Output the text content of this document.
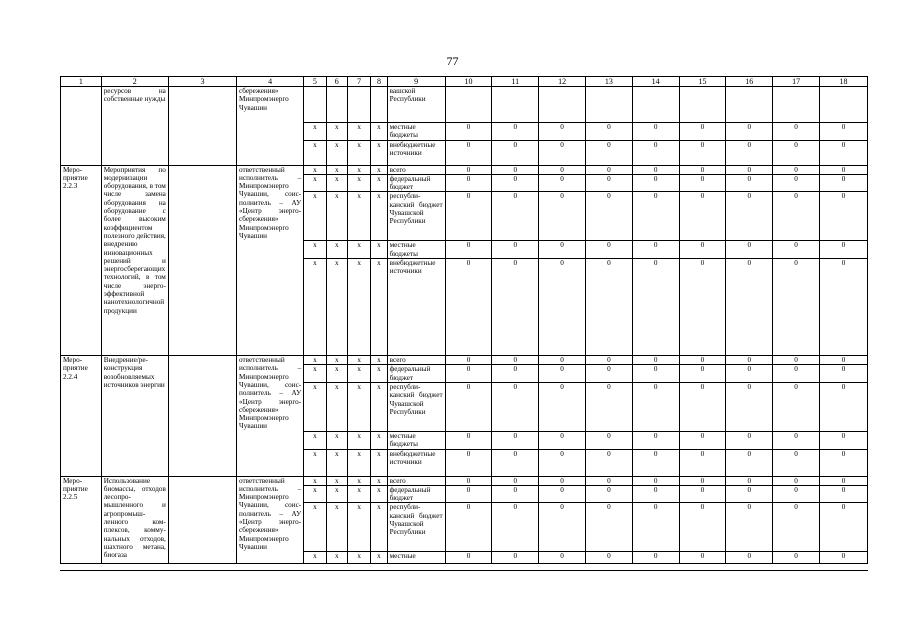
77
1	2	3	4	5	6	7	8	9	10	11	12	13	14	15	16	17	18
	ресурсов на собственные нужды		сбережения» Минпромэнерго Чувашии					вашской Республики									
				х	х	х	х	местные бюджеты	0	0	0	0	0	0	0	0	0
				х	х	х	х	внебюджетные источники	0	0	0	0	0	0	0	0	0
Мероприятие 2.2.3	Мероприятия по модернизации оборудования, в том числе замена оборудования на оборудование с более высоким коэффициентом полезного действия, внедрению инновационных решений и энергосберегающих технологий, в том числе энергоэффективной нанотехнологичной продукции		ответственный исполнитель – Минпромэнерго Чувашии, соисполнитель – АУ «Центр энергосбережения» Минпромэнерго Чувашии	х	х	х	х	всего	0	0	0	0	0	0	0	0	0
				х	х	х	х	федеральный бюджет	0	0	0	0	0	0	0	0	0
				х	х	х	х	республиканский бюджет Чувашской Республики	0	0	0	0	0	0	0	0	0
				х	х	х	х	местные бюджеты	0	0	0	0	0	0	0	0	0
				х	х	х	х	внебюджетные источники	0	0	0	0	0	0	0	0	0
Мероприятие 2.2.4	Внедрение/реконструкция возобновляемых источников энергии		ответственный исполнитель – Минпромэнерго Чувашии, соисполнитель – АУ «Центр энергосбережения» Минпромэнерго Чувашии	х	х	х	х	всего	0	0	0	0	0	0	0	0	0
				х	х	х	х	федеральный бюджет	0	0	0	0	0	0	0	0	0
				х	х	х	х	республиканский бюджет Чувашской Республики	0	0	0	0	0	0	0	0	0
				х	х	х	х	местные бюджеты	0	0	0	0	0	0	0	0	0
				х	х	х	х	внебюджетные источники	0	0	0	0	0	0	0	0	0
Мероприятие 2.2.5	Использование биомассы, отходов лесопромышленного и агропромышленного комплексов, коммунальных отходов, шахтного метана, биогаза		ответственный исполнитель – Минпромэнерго Чувашии, соисполнитель – АУ «Центр энергосбережения» Минпромэнерго Чувашии	х	х	х	х	всего	0	0	0	0	0	0	0	0	0
				х	х	х	х	федеральный бюджет	0	0	0	0	0	0	0	0	0
				х	х	х	х	республиканский бюджет Чувашской Республики	0	0	0	0	0	0	0	0	0
				х	х	х	х	местные	0	0	0	0	0	0	0	0	0
